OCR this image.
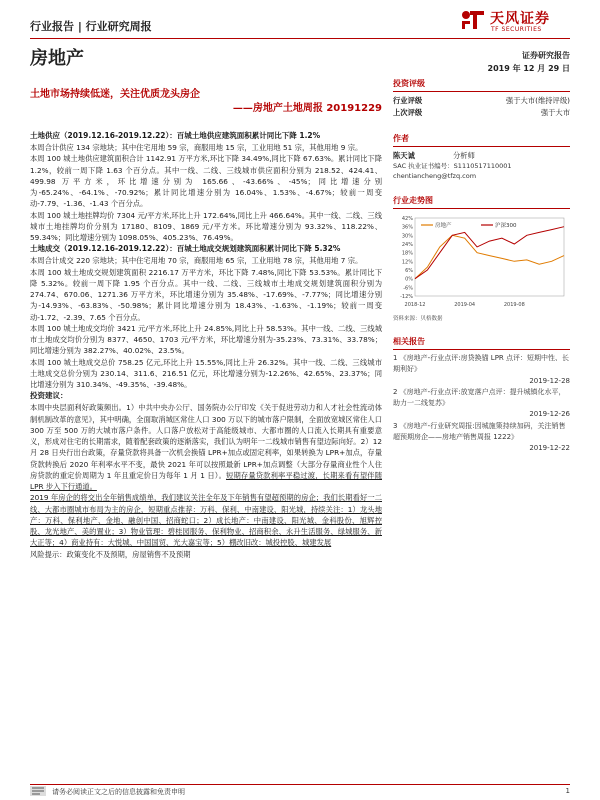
行业报告 | 行业研究周报	天风证券
TF SECURITIES
房地产	证券研究报告
2019 年 12 月 29 日
土地市场持续低迷，关注优质龙头房企
——房地产土地周报 20191229

土地供应（2019.12.16-2019.12.22）：百城土地供应建筑面积累计同比下降 1.2%

本周合计供应 134 宗地块；其中住宅用地 59 宗，商服用地 15 宗，工业用地 51 宗，其他用地 9 宗。

本周 100 城土地供应建筑面积合计 1142.91 万平方米,环比下降 34.49%,同比下降 67.63%。累计同比下降 1.2%，较前一周下降 1.63 个百分点。其中一线、二线、三线城市供应面积分别为 218.52、424.41、499.98 万平方米，环比增速分别为 165.66、-43.66%、-45%；同比增速分别为-65.24%、-64.1%、-70.92%；累计同比增速分别为 16.04%、1.53%、-4.67%；较前一周变动-7.79、-1.36、-1.43 个百分点。

本周 100 城土地挂牌均价 7304 元/平方米,环比上升 172.64%,同比上升 466.64%。其中一线、二线、三线城市土地挂牌均价分别为 17180、8109、1869 元/平方米。环比增速分别为 93.32%、118.22%、59.34%；同比增速分别为 1098.05%、405.23%、76.49%。

土地成交（2019.12.16-2019.12.22）：百城土地成交规划建筑面积累计同比下降 5.32%

本周合计成交 220 宗地块；其中住宅用地 70 宗，商服用地 65 宗，工业用地 78 宗，其他用地 7 宗。

本周 100 城土地成交规划建筑面积 2216.17 万平方米，环比下降 7.48%,同比下降 53.53%。累计同比下降 5.32%。较前一周下降 1.95 个百分点。其中一线、二线、三线城市土地成交规划建筑面积分别为 274.74、670.06、1271.36 万平方米，环比增速分别为 35.48%、-17.69%、-7.77%；同比增速分别为-14.93%、-63.83%、-50.98%；累计同比增速分别为 18.43%、-1.63%、-1.19%；较前一周变动-1.72、-2.39、7.65 个百分点。

本周 100 城土地成交均价 3421 元/平方米,环比上升 24.85%,同比上升 58.53%。其中一线、二线、三线城市土地成交均价分别为 8377、4650、1703 元/平方米，环比增速分别为-35.23%、73.31%、33.78%；同比增速分别为 382.27%、40.02%、23.5%。

本周 100 城土地成交总价 758.25 亿元,环比上升 15.55%,同比上升 26.32%。其中一线、二线、三线城市土地成交总价分别为 230.14、311.6、216.51 亿元，环比增速分别为-12.26%、42.65%、23.37%；同比增速分别为 310.34%、-49.35%、-39.48%。

投资建议：

本周中央层面利好政策频出。1）中共中央办公厅、国务院办公厅印发《关于促进劳动力和人才社会性流动体制机制改革的意见》，其中明确，全面取消城区常住人口 300 万以下的城市落户限制，全面放宽城区常住人口 300 万至 500 万的大城市落户条件。人口落户放松对于高能级城市、大都市圈的人口流入长期具有重要意义，形成对住宅的长期需求，随着配套政策的逐渐落实，我们认为明年一二线城市销售有望边际向好。2）12 月 28 日央行出台政策，存量贷款将具备一次机会换锚 LPR+加点或固定利率，如果转换为 LPR+加点，存量贷款转换后 2020 年利率水平不变，最快 2021 年可以按照最新 LPR+加点调整（大部分存量商业性个人住房贷款的重定价周期为 1 年且重定价日为每年 1 月 1 日）。短期存量贷款利率平稳过渡，长期来看有望伴随 LPR 步入下行通道。

2019 年房企的将交出全年销售成绩单，我们建议关注全年及下年销售有望超预期的房企；我们长期看好一二线、大都市圈城市布局为主的房企，短期重点推荐：万科、保利、中南建设、阳光城，持续关注：1）龙头地产：万科、保利地产、金地、融创中国、招商蛇口；2）成长地产：中南建设、阳光城、金科股份、旭辉控股、龙光地产、美的置业；3）物业管理：碧桂园服务、保利物业、招商积余、永升生活服务、绿城服务、新大正等；4）商业持有：大悦城、中国国贸、光大嘉宝等；5）棚改旧改：城投控股、城建发展

风险提示：政策变化不及预期，房屋销售不及预期

投资评级
行业评级	强于大市(维持评级)
上次评级	强于大市
作者
陈天诚	分析师
SAC 执业证书编号：S1110517110001
chentiancheng@tfzq.com
行业走势图
42%
36%
30%
24%
18%
12%
6%
0%
-6%
-12%
2018-12	2019-04	2019-08
房地产	沪深300
资料来源：贝格数据
相关报告
1 《房地产-行业点评:房贷换锚 LPR 点评：短期中性、长期利好》
2019-12-28
2 《房地产-行业点评:放宽落户点评：提升城镇化水平，助力一二线复苏》
2019-12-26
3 《房地产-行业研究周报:因城施策持续加码，关注销售超预期房企——房地产销售周报 1222》
2019-12-22
请务必阅读正文之后的信息披露和免责申明	1
